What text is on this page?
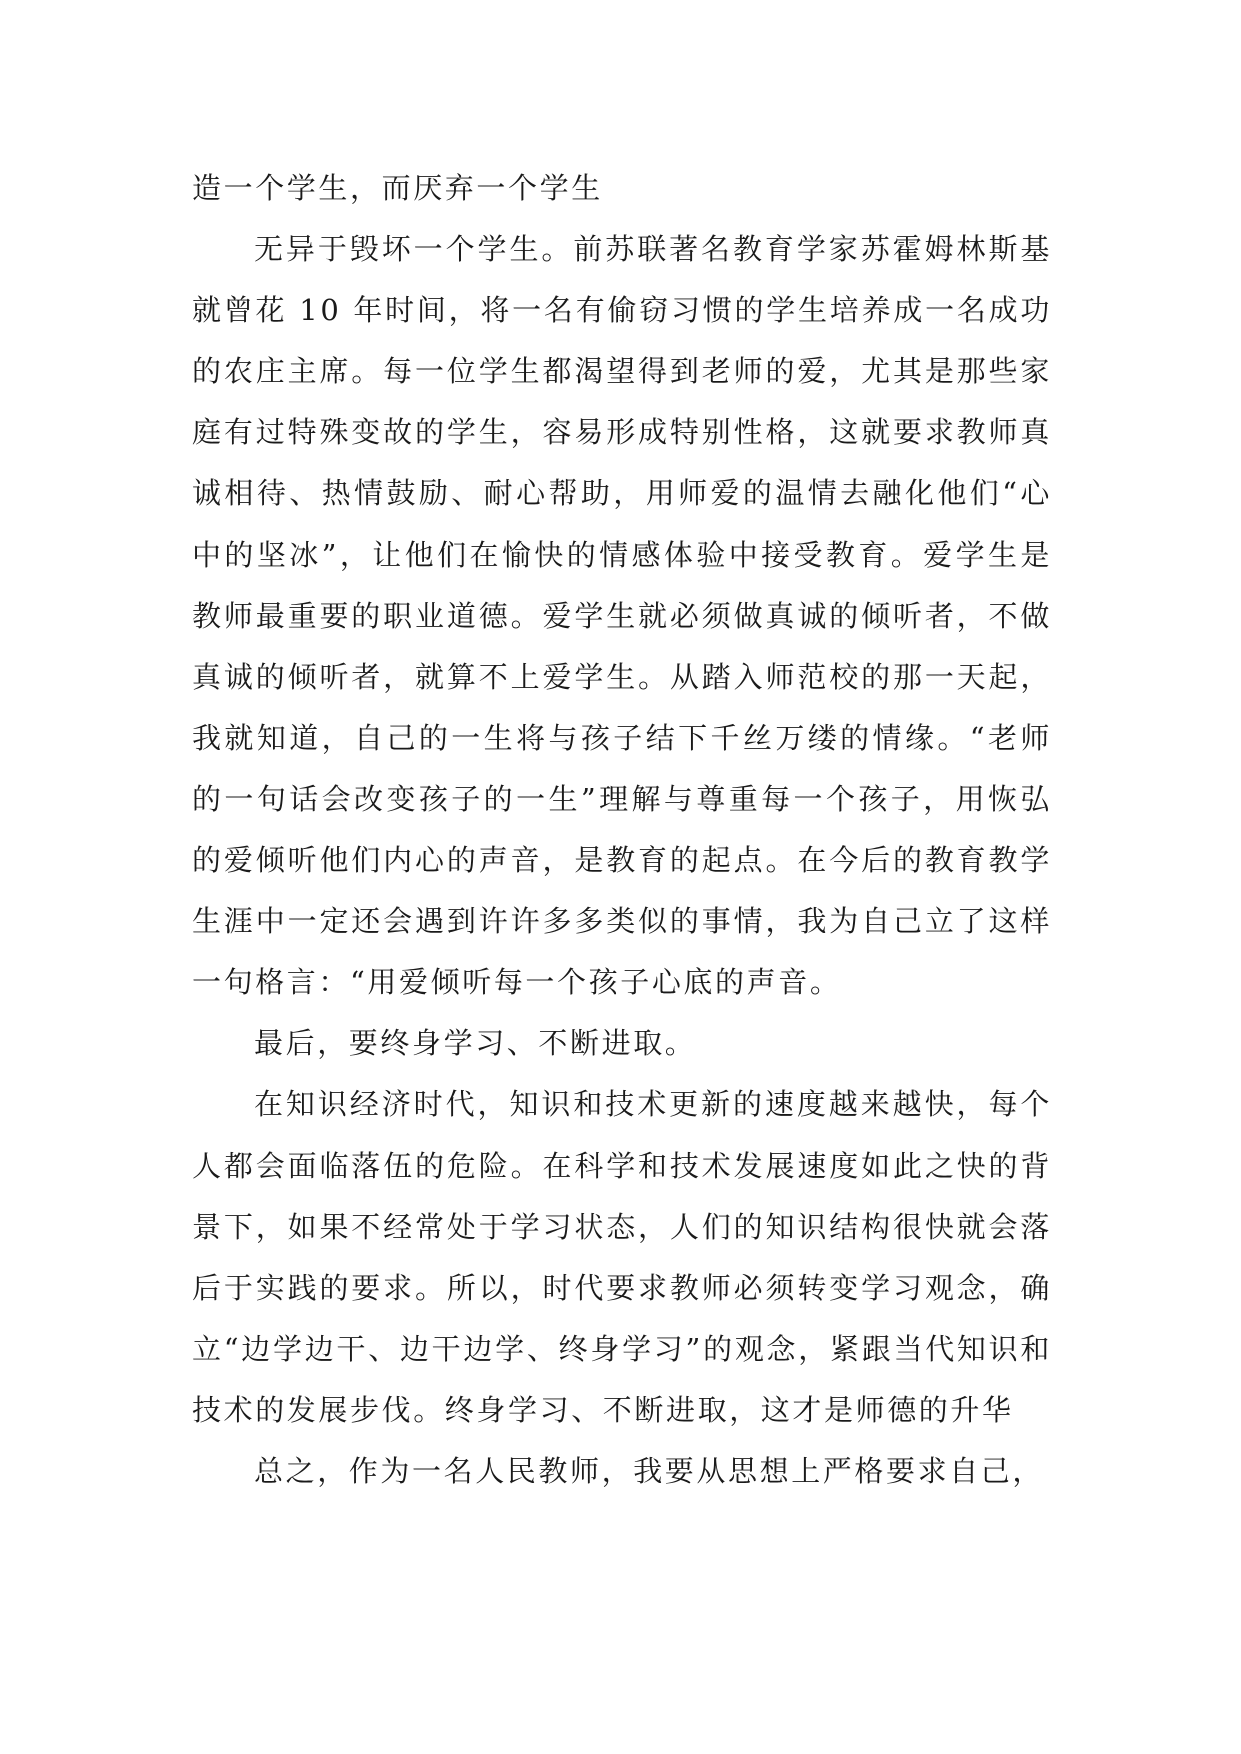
造一个学生，而厌弃一个学生

无异于毁坏一个学生。前苏联著名教育学家苏霍姆林斯基就曾花 10 年时间，将一名有偷窃习惯的学生培养成一名成功的农庄主席。每一位学生都渴望得到老师的爱，尤其是那些家庭有过特殊变故的学生，容易形成特别性格，这就要求教师真诚相待、热情鼓励、耐心帮助，用师爱的温情去融化他们“心中的坚冰”，让他们在愉快的情感体验中接受教育。爱学生是教师最重要的职业道德。爱学生就必须做真诚的倾听者，不做真诚的倾听者，就算不上爱学生。从踏入师范校的那一天起，我就知道，自己的一生将与孩子结下千丝万缕的情缘。“老师的一句话会改变孩子的一生”理解与尊重每一个孩子，用恢弘的爱倾听他们内心的声音，是教育的起点。在今后的教育教学生涯中一定还会遇到许许多多类似的事情，我为自己立了这样一句格言：“用爱倾听每一个孩子心底的声音。

最后，要终身学习、不断进取。

在知识经济时代，知识和技术更新的速度越来越快，每个人都会面临落伍的危险。在科学和技术发展速度如此之快的背景下，如果不经常处于学习状态，人们的知识结构很快就会落后于实践的要求。所以，时代要求教师必须转变学习观念，确立“边学边干、边干边学、终身学习”的观念，紧跟当代知识和技术的发展步伐。终身学习、不断进取，这才是师德的升华

总之，作为一名人民教师，我要从思想上严格要求自己，
